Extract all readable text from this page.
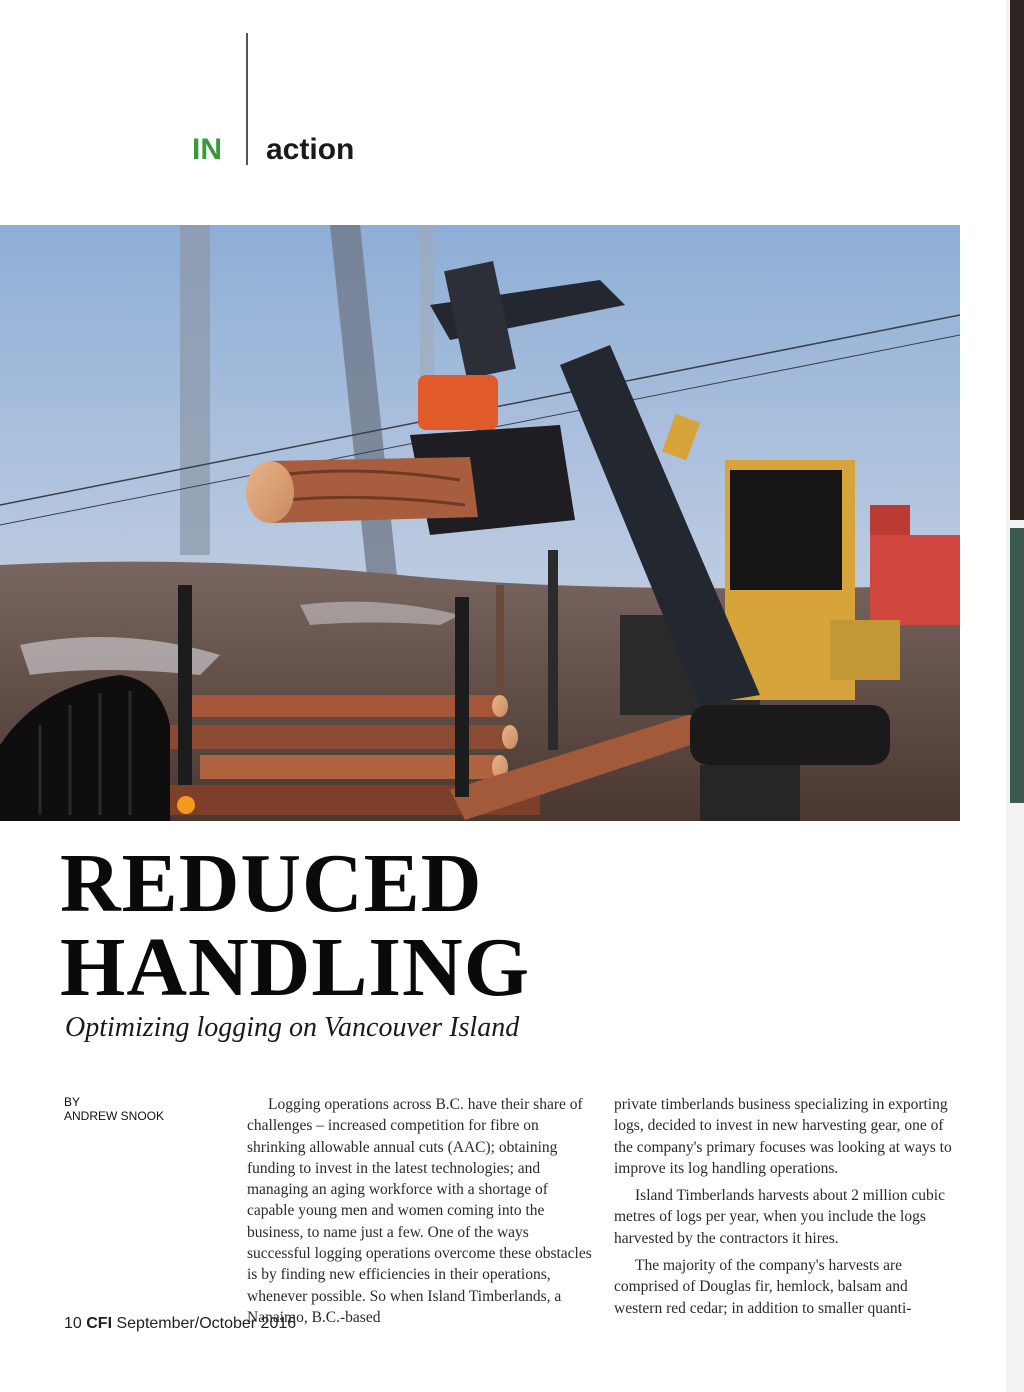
IN action
REDUCED
HANDLING
Optimizing logging on Vancouver Island
BY
ANDREW SNOOK

Logging operations across B.C. have their share of challenges – increased competition for fibre on shrinking allowable annual cuts (AAC); obtaining funding to invest in the latest technologies; and managing an aging workforce with a shortage of capable young men and women coming into the business, to name just a few. One of the ways successful logging operations overcome these obstacles is by finding new efficiencies in their operations, whenever possible. So when Island Timberlands, a Nanaimo, B.C.-based

private timberlands business specializing in exporting logs, decided to invest in new harvesting gear, one of the company's primary focuses was looking at ways to improve its log handling operations.

Island Timberlands harvests about 2 million cubic metres of logs per year, when you include the logs harvested by the contractors it hires.

The majority of the company's harvests are comprised of Douglas fir, hemlock, balsam and western red cedar; in addition to smaller quanti-

10 CFI September/October 2016
